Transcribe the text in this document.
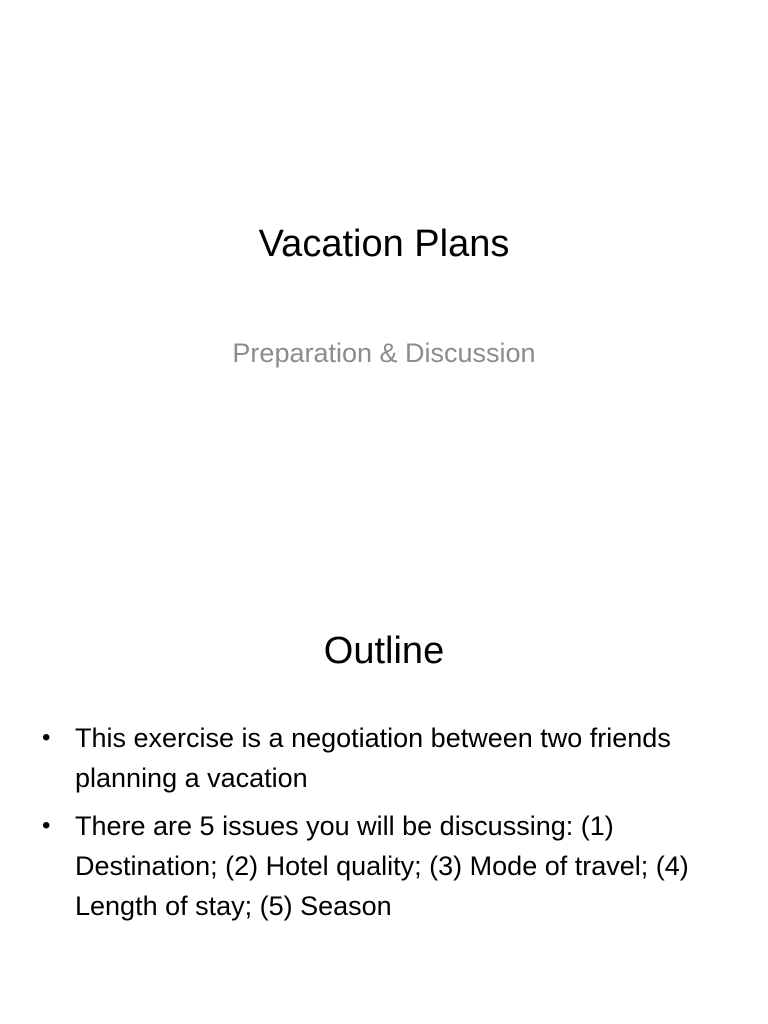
Vacation Plans

Preparation & Discussion

Outline
• This exercise is a negotiation between two friends planning a vacation
• There are 5 issues you will be discussing: (1) Destination; (2) Hotel quality; (3) Mode of travel; (4) Length of stay; (5) Season
